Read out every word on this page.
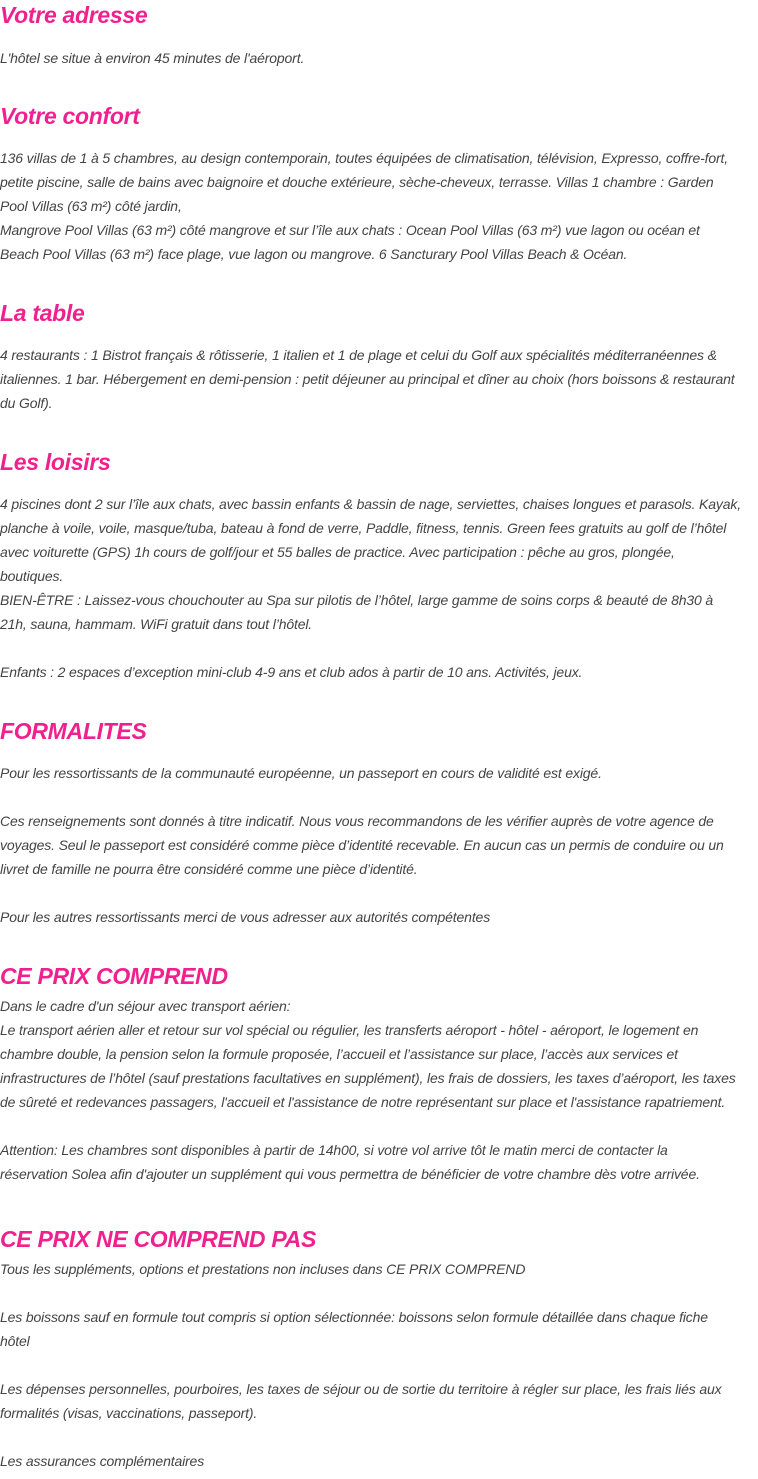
Votre adresse

L'hôtel se situe à environ 45 minutes de l'aéroport.

Votre confort

136 villas de 1 à 5 chambres, au design contemporain, toutes équipées de climatisation, télévision, Expresso, coffre-fort,

petite piscine, salle de bains avec baignoire et douche extérieure, sèche-cheveux, terrasse. Villas 1 chambre : Garden

Pool Villas (63 m²) côté jardin,

Mangrove Pool Villas (63 m²) côté mangrove et sur l’île aux chats : Ocean Pool Villas (63 m²) vue lagon ou océan et

Beach Pool Villas (63 m²) face plage, vue lagon ou mangrove. 6 Sancturary Pool Villas Beach & Océan.

La table

4 restaurants : 1 Bistrot français & rôtisserie, 1 italien et 1 de plage et celui du Golf aux spécialités méditerranéennes &

italiennes. 1 bar. Hébergement en demi-pension : petit déjeuner au principal et dîner au choix (hors boissons & restaurant

du Golf).

Les loisirs

4 piscines dont 2 sur l’île aux chats, avec bassin enfants & bassin de nage, serviettes, chaises longues et parasols. Kayak,

planche à voile, voile, masque/tuba, bateau à fond de verre, Paddle, fitness, tennis. Green fees gratuits au golf de l’hôtel

avec voiturette (GPS) 1h cours de golf/jour et 55 balles de practice. Avec participation : pêche au gros, plongée,

boutiques.

BIEN-ÊTRE : Laissez-vous chouchouter au Spa sur pilotis de l’hôtel, large gamme de soins corps & beauté de 8h30 à

21h, sauna, hammam. WiFi gratuit dans tout l’hôtel.

Enfants : 2 espaces d’exception mini-club 4-9 ans et club ados à partir de 10 ans. Activités, jeux.

FORMALITES

Pour les ressortissants de la communauté européenne, un passeport en cours de validité est exigé.

Ces renseignements sont donnés à titre indicatif. Nous vous recommandons de les vérifier auprès de votre agence de

voyages. Seul le passeport est considéré comme pièce d’identité recevable. En aucun cas un permis de conduire ou un

livret de famille ne pourra être considéré comme une pièce d’identité.

Pour les autres ressortissants merci de vous adresser aux autorités compétentes

CE PRIX COMPREND

Dans le cadre d'un séjour avec transport aérien:

Le transport aérien aller et retour sur vol spécial ou régulier, les transferts aéroport - hôtel - aéroport, le logement en

chambre double, la pension selon la formule proposée, l’accueil et l’assistance sur place, l’accès aux services et

infrastructures de l’hôtel (sauf prestations facultatives en supplément), les frais de dossiers, les taxes d’aéroport, les taxes

de sûreté et redevances passagers, l'accueil et l'assistance de notre représentant sur place et l'assistance rapatriement.

Attention: Les chambres sont disponibles à partir de 14h00, si votre vol arrive tôt le matin merci de contacter la

réservation Solea afin d'ajouter un supplément qui vous permettra de bénéficier de votre chambre dès votre arrivée.

CE PRIX NE COMPREND PAS

Tous les suppléments, options et prestations non incluses dans CE PRIX COMPREND

Les boissons sauf en formule tout compris si option sélectionnée: boissons selon formule détaillée dans chaque fiche

hôtel

Les dépenses personnelles, pourboires, les taxes de séjour ou de sortie du territoire à régler sur place, les frais liés aux

formalités (visas, vaccinations, passeport).

Les assurances complémentaires
